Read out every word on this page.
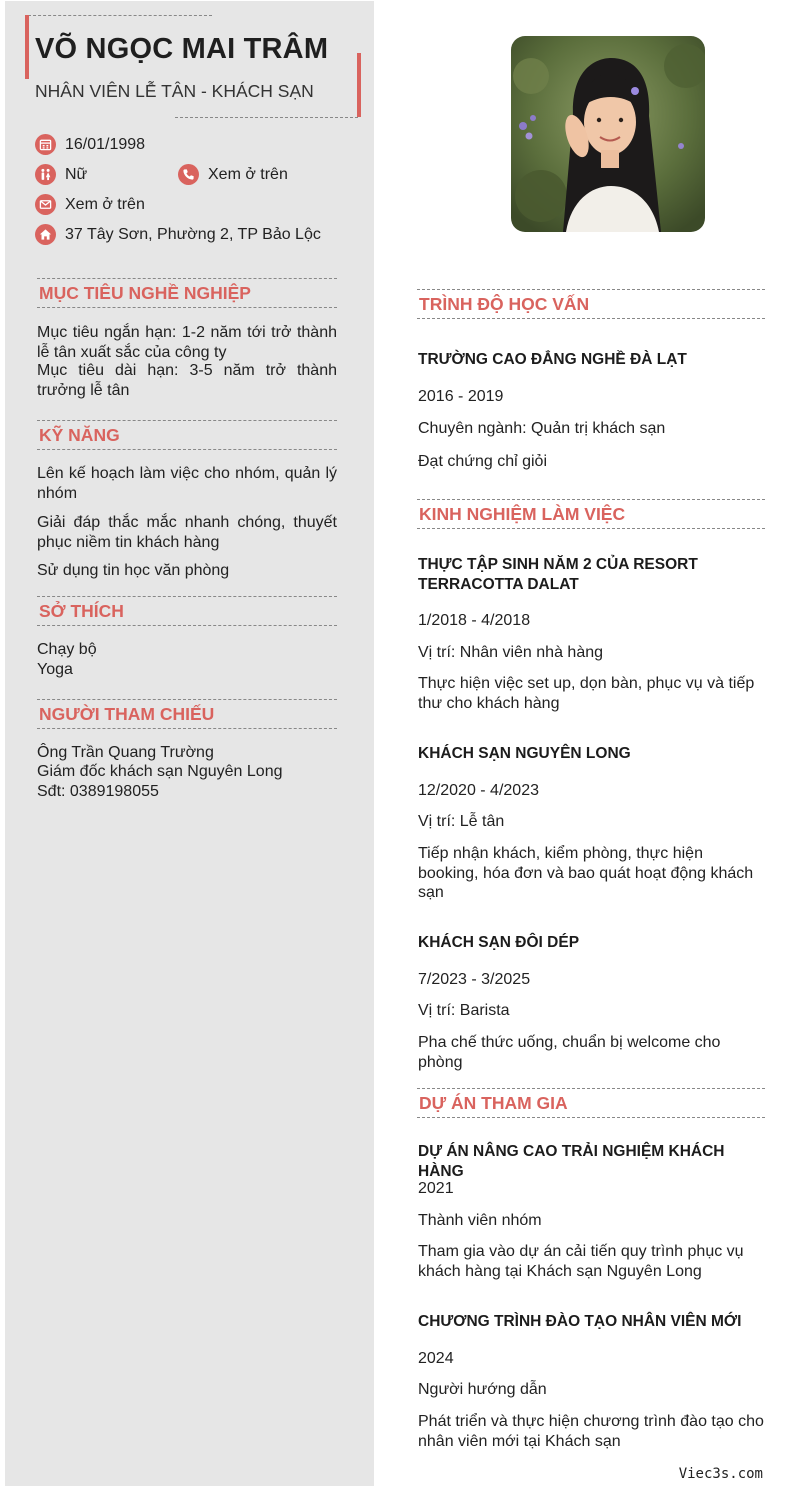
VÕ NGỌC MAI TRÂM
NHÂN VIÊN LỄ TÂN - KHÁCH SẠN
16/01/1998
Nữ	Xem ở trên
Xem ở trên
37 Tây Sơn, Phường 2, TP Bảo Lộc
MỤC TIÊU NGHỀ NGHIỆP
Mục tiêu ngắn hạn: 1-2 năm tới trở thành lễ tân xuất sắc của công ty
Mục tiêu dài hạn: 3-5 năm trở thành trưởng lễ tân
KỸ NĂNG
Lên kế hoạch làm việc cho nhóm, quản lý nhóm
Giải đáp thắc mắc nhanh chóng, thuyết phục niềm tin khách hàng
Sử dụng tin học văn phòng
SỞ THÍCH
Chạy bộ
Yoga
NGƯỜI THAM CHIẾU
Ông Trần Quang Trường
Giám đốc khách sạn Nguyên Long
Sđt: 0389198055
TRÌNH ĐỘ HỌC VẤN
TRƯỜNG CAO ĐẲNG NGHỀ ĐÀ LẠT
2016 - 2019
Chuyên ngành: Quản trị khách sạn
Đạt chứng chỉ giỏi
KINH NGHIỆM LÀM VIỆC
THỰC TẬP SINH NĂM 2 CỦA RESORT TERRACOTTA DALAT
1/2018 - 4/2018
Vị trí: Nhân viên nhà hàng
Thực hiện việc set up, dọn bàn, phục vụ và tiếp thư cho khách hàng
KHÁCH SẠN NGUYÊN LONG
12/2020 - 4/2023
Vị trí: Lễ tân
Tiếp nhận khách, kiểm phòng, thực hiện booking, hóa đơn và bao quát hoạt động khách sạn
KHÁCH SẠN ĐÔI DÉP
7/2023 - 3/2025
Vị trí: Barista
Pha chế thức uống, chuẩn bị welcome cho phòng
DỰ ÁN THAM GIA
DỰ ÁN NÂNG CAO TRẢI NGHIỆM KHÁCH HÀNG
2021
Thành viên nhóm
Tham gia vào dự án cải tiến quy trình phục vụ khách hàng tại Khách sạn Nguyên Long
CHƯƠNG TRÌNH ĐÀO TẠO NHÂN VIÊN MỚI
2024
Người hướng dẫn
Phát triển và thực hiện chương trình đào tạo cho nhân viên mới tại Khách sạn
Viec3s.com
